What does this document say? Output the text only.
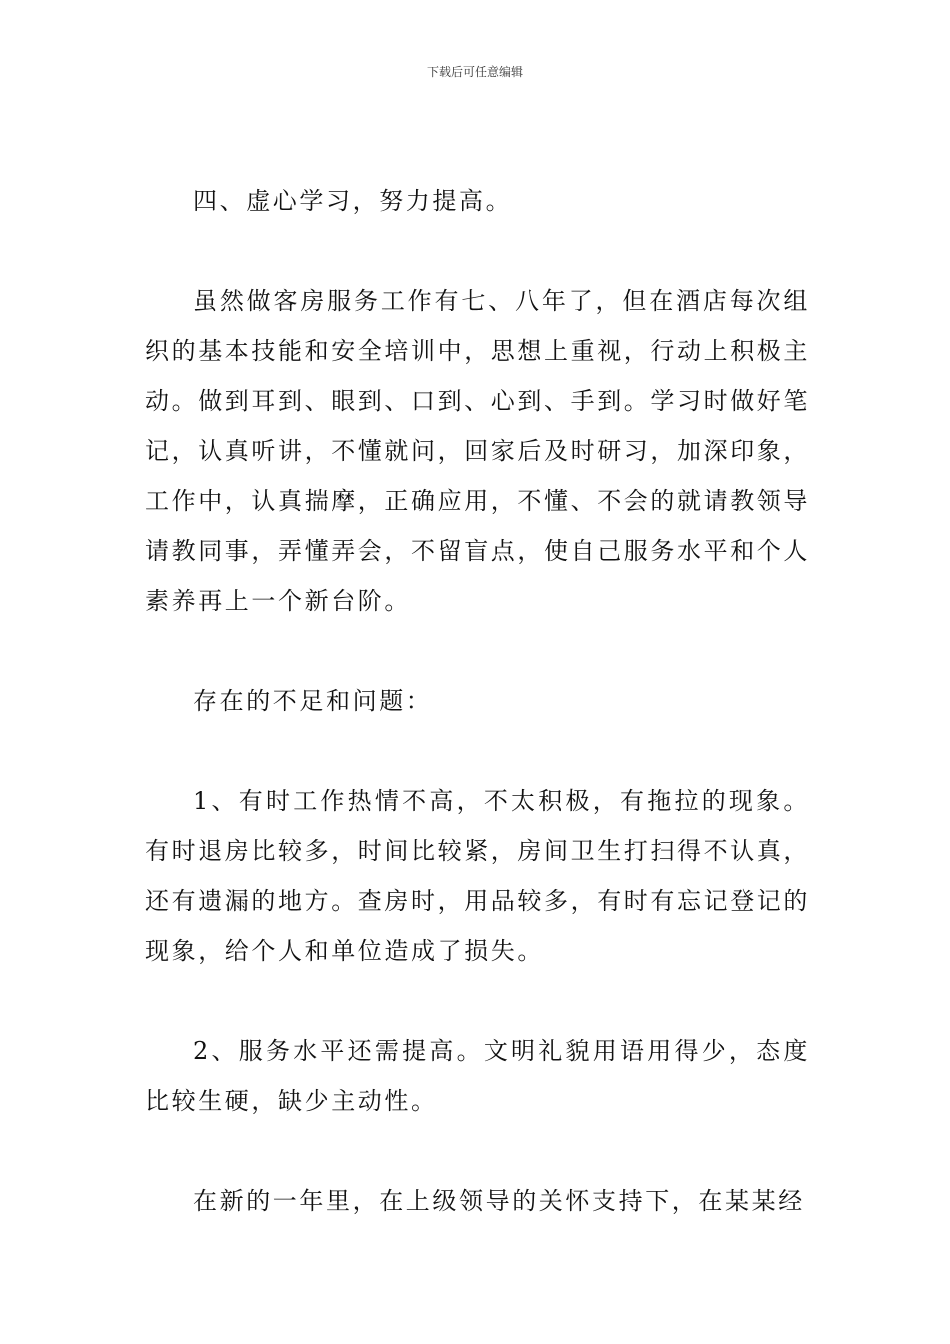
下载后可任意编辑

四、虚心学习，努力提高。

虽然做客房服务工作有七、八年了，但在酒店每次组织的基本技能和安全培训中，思想上重视，行动上积极主动。做到耳到、眼到、口到、心到、手到。学习时做好笔记，认真听讲，不懂就问，回家后及时研习，加深印象，工作中，认真揣摩，正确应用，不懂、不会的就请教领导请教同事，弄懂弄会，不留盲点，使自己服务水平和个人素养再上一个新台阶。

存在的不足和问题：

1、有时工作热情不高，不太积极，有拖拉的现象。有时退房比较多，时间比较紧，房间卫生打扫得不认真，还有遗漏的地方。查房时，用品较多，有时有忘记登记的现象，给个人和单位造成了损失。

2、服务水平还需提高。文明礼貌用语用得少，态度比较生硬，缺少主动性。

在新的一年里，在上级领导的关怀支持下，在某某经
